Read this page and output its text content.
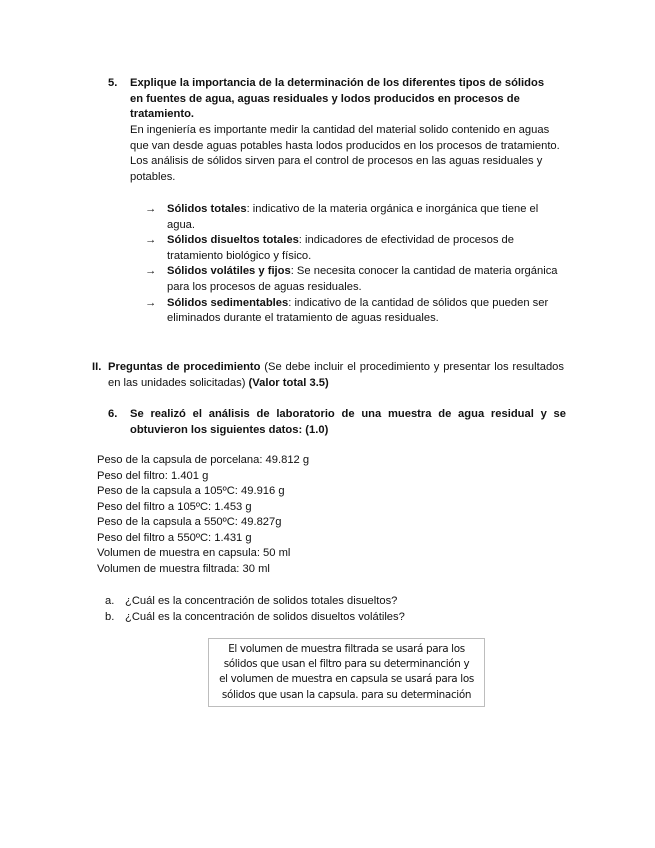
5.	Explique la importancia de la determinación de los diferentes tipos de sólidos en fuentes de agua, aguas residuales y lodos producidos en procesos de tratamiento.

En ingeniería es importante medir la cantidad del material solido contenido en aguas que van desde aguas potables hasta lodos producidos en los procesos de tratamiento.

Los análisis de sólidos sirven para el control de procesos en las aguas residuales y potables.

→ Sólidos totales: indicativo de la materia orgánica e inorgánica que tiene el agua.
→ Sólidos disueltos totales: indicadores de efectividad de procesos de tratamiento biológico y físico.
→ Sólidos volátiles y fijos: Se necesita conocer la cantidad de materia orgánica para los procesos de aguas residuales.
→ Sólidos sedimentables: indicativo de la cantidad de sólidos que pueden ser eliminados durante el tratamiento de aguas residuales.
II. Preguntas de procedimiento (Se debe incluir el procedimiento y presentar los resultados en las unidades solicitadas) (Valor total 3.5)
6.	Se realizó el análisis de laboratorio de una muestra de agua residual y se obtuvieron los siguientes datos: (1.0)
Peso de la capsula de porcelana: 49.812 g
Peso del filtro: 1.401 g
Peso de la capsula a 105ºC: 49.916 g
Peso del filtro a 105ºC: 1.453 g
Peso de la capsula a 550ºC: 49.827g
Peso del filtro a 550ºC: 1.431 g
Volumen de muestra en capsula: 50 ml
Volumen de muestra filtrada: 30 ml
a. ¿Cuál es la concentración de solidos totales disueltos?
b. ¿Cuál es la concentración de solidos disueltos volátiles?
El volumen de muestra filtrada se usará para los
sólidos que usan el filtro para su determinanción y
el volumen de muestra en capsula se usará para los
sólidos que usan la capsula. para su determinación
